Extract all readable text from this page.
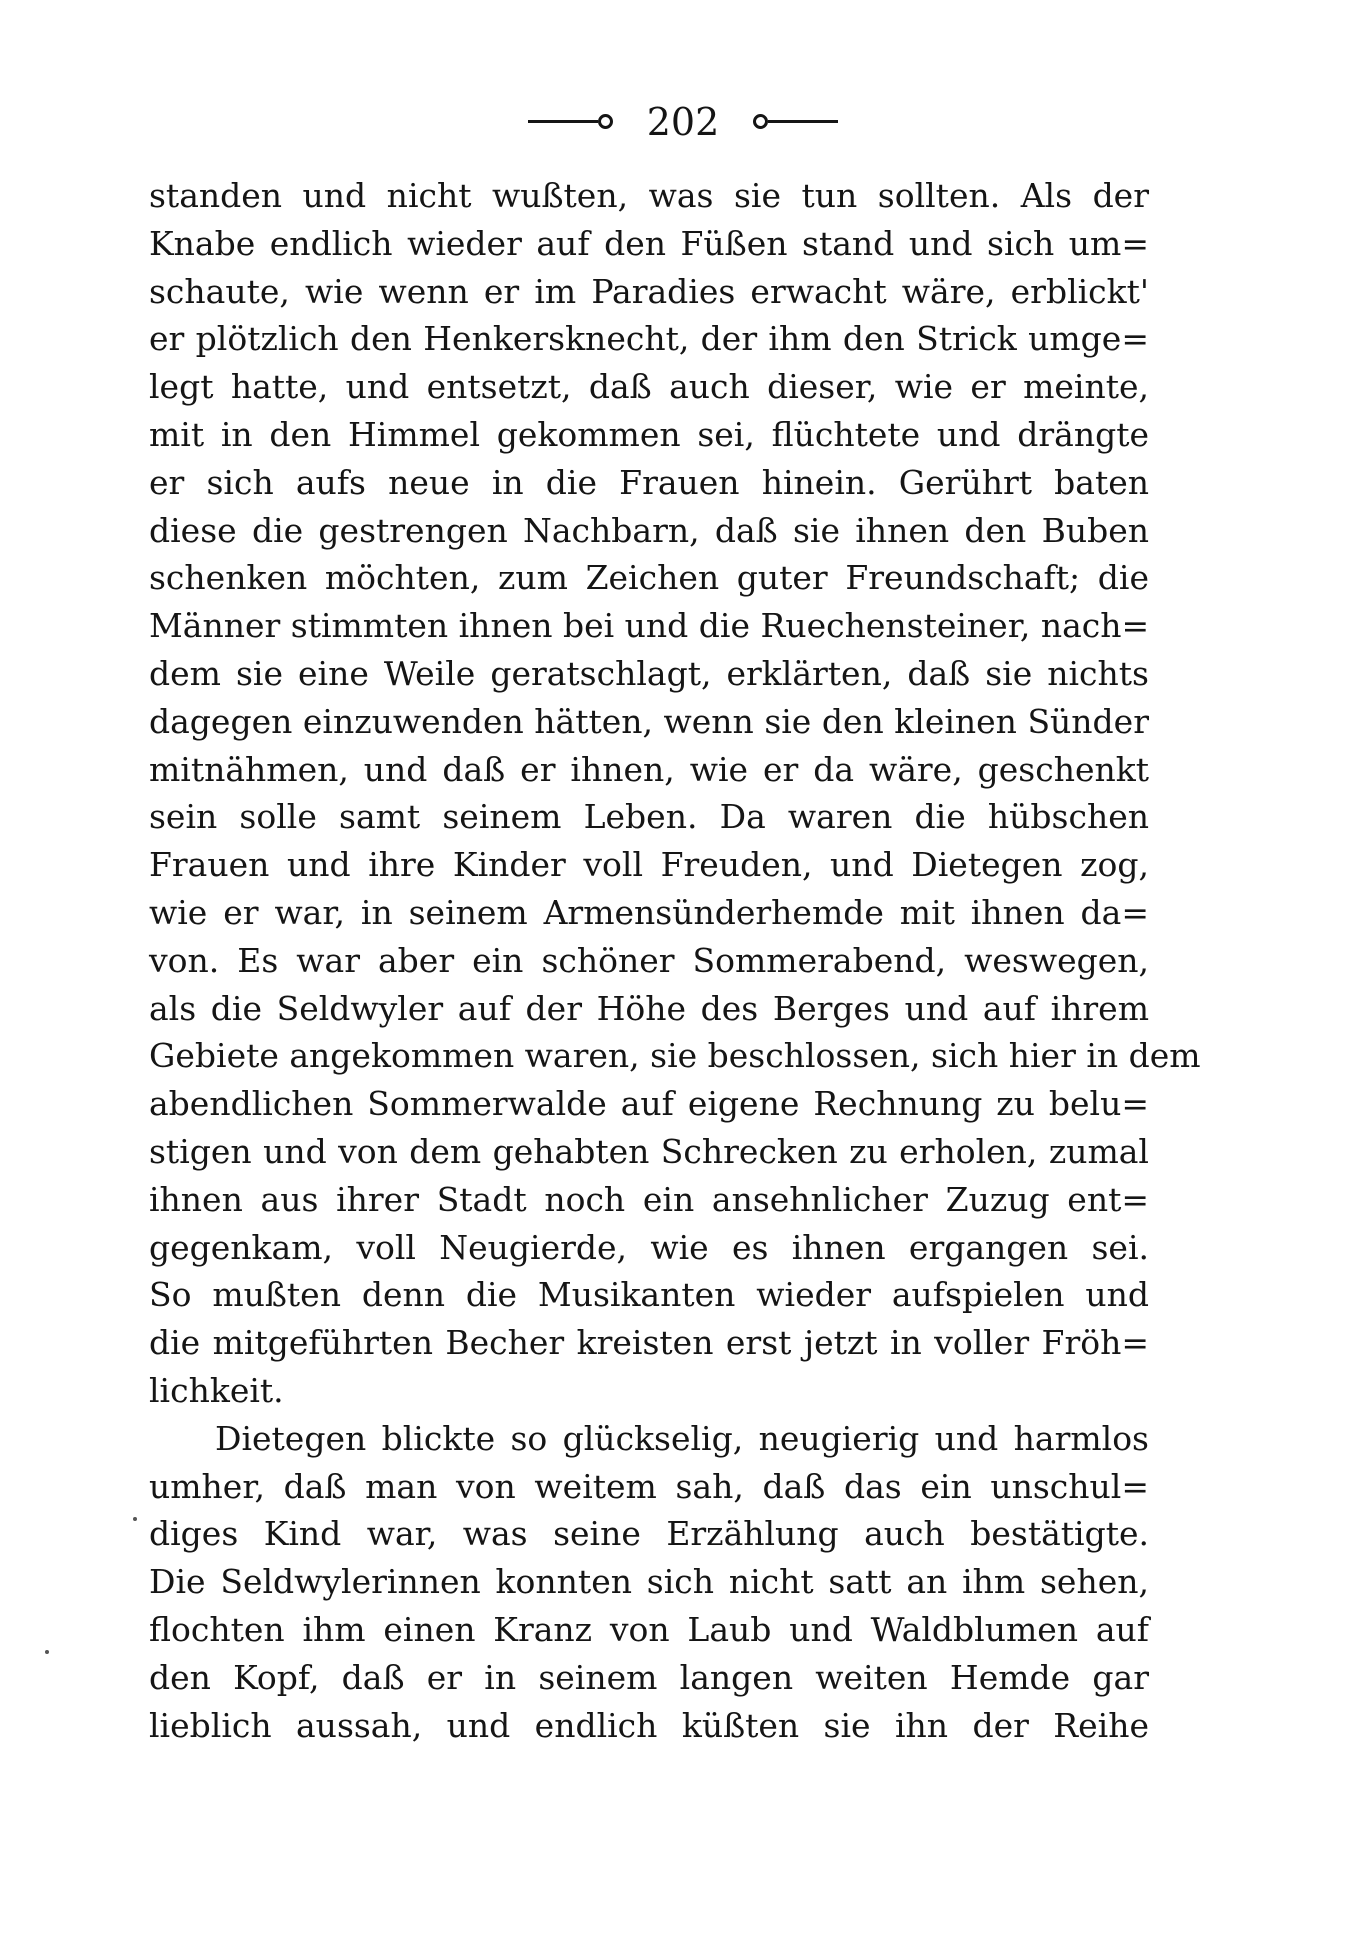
202
standen und nicht wußten, was sie tun sollten. Als der
Knabe endlich wieder auf den Füßen stand und sich um=
schaute, wie wenn er im Paradies erwacht wäre, erblickt'
er plötzlich den Henkersknecht, der ihm den Strick umge=
legt hatte, und entsetzt, daß auch dieser, wie er meinte,
mit in den Himmel gekommen sei, flüchtete und drängte
er sich aufs neue in die Frauen hinein. Gerührt baten
diese die gestrengen Nachbarn, daß sie ihnen den Buben
schenken möchten, zum Zeichen guter Freundschaft; die
Männer stimmten ihnen bei und die Ruechensteiner, nach=
dem sie eine Weile geratschlagt, erklärten, daß sie nichts
dagegen einzuwenden hätten, wenn sie den kleinen Sünder
mitnähmen, und daß er ihnen, wie er da wäre, geschenkt
sein solle samt seinem Leben. Da waren die hübschen
Frauen und ihre Kinder voll Freuden, und Dietegen zog,
wie er war, in seinem Armensünderhemde mit ihnen da=
von. Es war aber ein schöner Sommerabend, weswegen,
als die Seldwyler auf der Höhe des Berges und auf ihrem
Gebiete angekommen waren, sie beschlossen, sich hier in dem
abendlichen Sommerwalde auf eigene Rechnung zu belu=
stigen und von dem gehabten Schrecken zu erholen, zumal
ihnen aus ihrer Stadt noch ein ansehnlicher Zuzug ent=
gegenkam, voll Neugierde, wie es ihnen ergangen sei.
So mußten denn die Musikanten wieder aufspielen und
die mitgeführten Becher kreisten erst jetzt in voller Fröh=
lichkeit.
Dietegen blickte so glückselig, neugierig und harmlos
umher, daß man von weitem sah, daß das ein unschul=
diges Kind war, was seine Erzählung auch bestätigte.
Die Seldwylerinnen konnten sich nicht satt an ihm sehen,
flochten ihm einen Kranz von Laub und Waldblumen auf
den Kopf, daß er in seinem langen weiten Hemde gar
lieblich aussah, und endlich küßten sie ihn der Reihe
